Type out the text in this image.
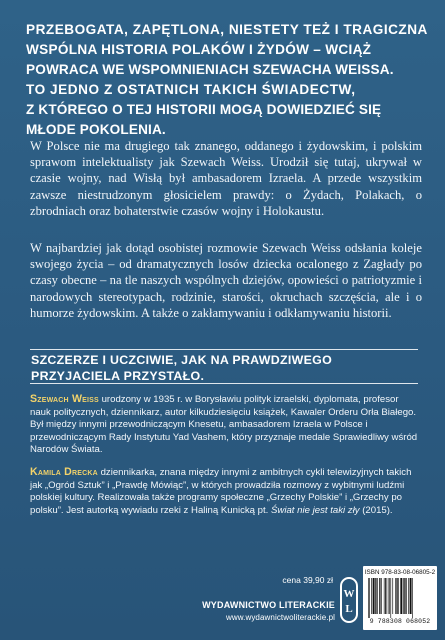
PRZEBOGATA, ZAPĘTLONA, NIESTETY TEŻ I TRAGICZNA
WSPÓLNA HISTORIA POLAKÓW I ŻYDÓW – WCIĄŻ
POWRACA WE WSPOMNIENIACH SZEWACHA WEISSA.
TO JEDNO Z OSTATNICH TAKICH ŚWIADECTW,
Z KTÓREGO O TEJ HISTORII MOGĄ DOWIEDZIEĆ SIĘ
MŁODE POKOLENIA.

W Polsce nie ma drugiego tak znanego, oddanego i żydowskim, i polskim sprawom intelektualisty jak Szewach Weiss. Urodził się tutaj, ukrywał w czasie wojny, nad Wisłą był ambasadorem Izraela. A przede wszystkim zawsze niestrudzonym głosicielem prawdy: o Żydach, Polakach, o zbrodniach oraz bohaterstwie czasów wojny i Holokaustu.

W najbardziej jak dotąd osobistej rozmowie Szewach Weiss odsłania koleje swojego życia – od dramatycznych losów dziecka ocalonego z Zagłady po czasy obecne – na tle naszych wspólnych dziejów, opowieści o patriotyzmie i narodowych stereotypach, rodzinie, starości, okruchach szczęścia, ale i o humorze żydowskim. A także o zakłamywaniu i odkłamywaniu historii.

SZCZERZE I UCZCIWIE, JAK NA PRAWDZIWEGO
PRZYJACIELA PRZYSTAŁO.

Szewach Weiss urodzony w 1935 r. w Borysławiu polityk izraelski, dyplomata, profesor nauk politycznych, dziennikarz, autor kilkudziesięciu książek, Kawaler Orderu Orła Białego. Był między innymi przewodniczącym Knesetu, ambasadorem Izraela w Polsce i przewodniczącym Rady Instytutu Yad Vashem, który przyznaje medale Sprawiedliwy wśród Narodów Świata.

Kamila Drecka dziennikarka, znana między innymi z ambitnych cykli telewizyjnych takich jak „Ogród Sztuk” i „Prawdę Mówiąc”, w których prowadziła rozmowy z wybitnymi ludźmi polskiej kultury. Realizowała także programy społeczne „Grzechy Polskie” i „Grzechy po polsku”. Jest autorką wywiadu rzeki z Haliną Kunicką pt. Świat nie jest taki zły (2015).

cena 39,90 zł
WYDAWNICTWO LITERACKIE
www.wydawnictwoliterackie.pl
W
L
ISBN 978-83-08-06805-2
9 788308 068052
